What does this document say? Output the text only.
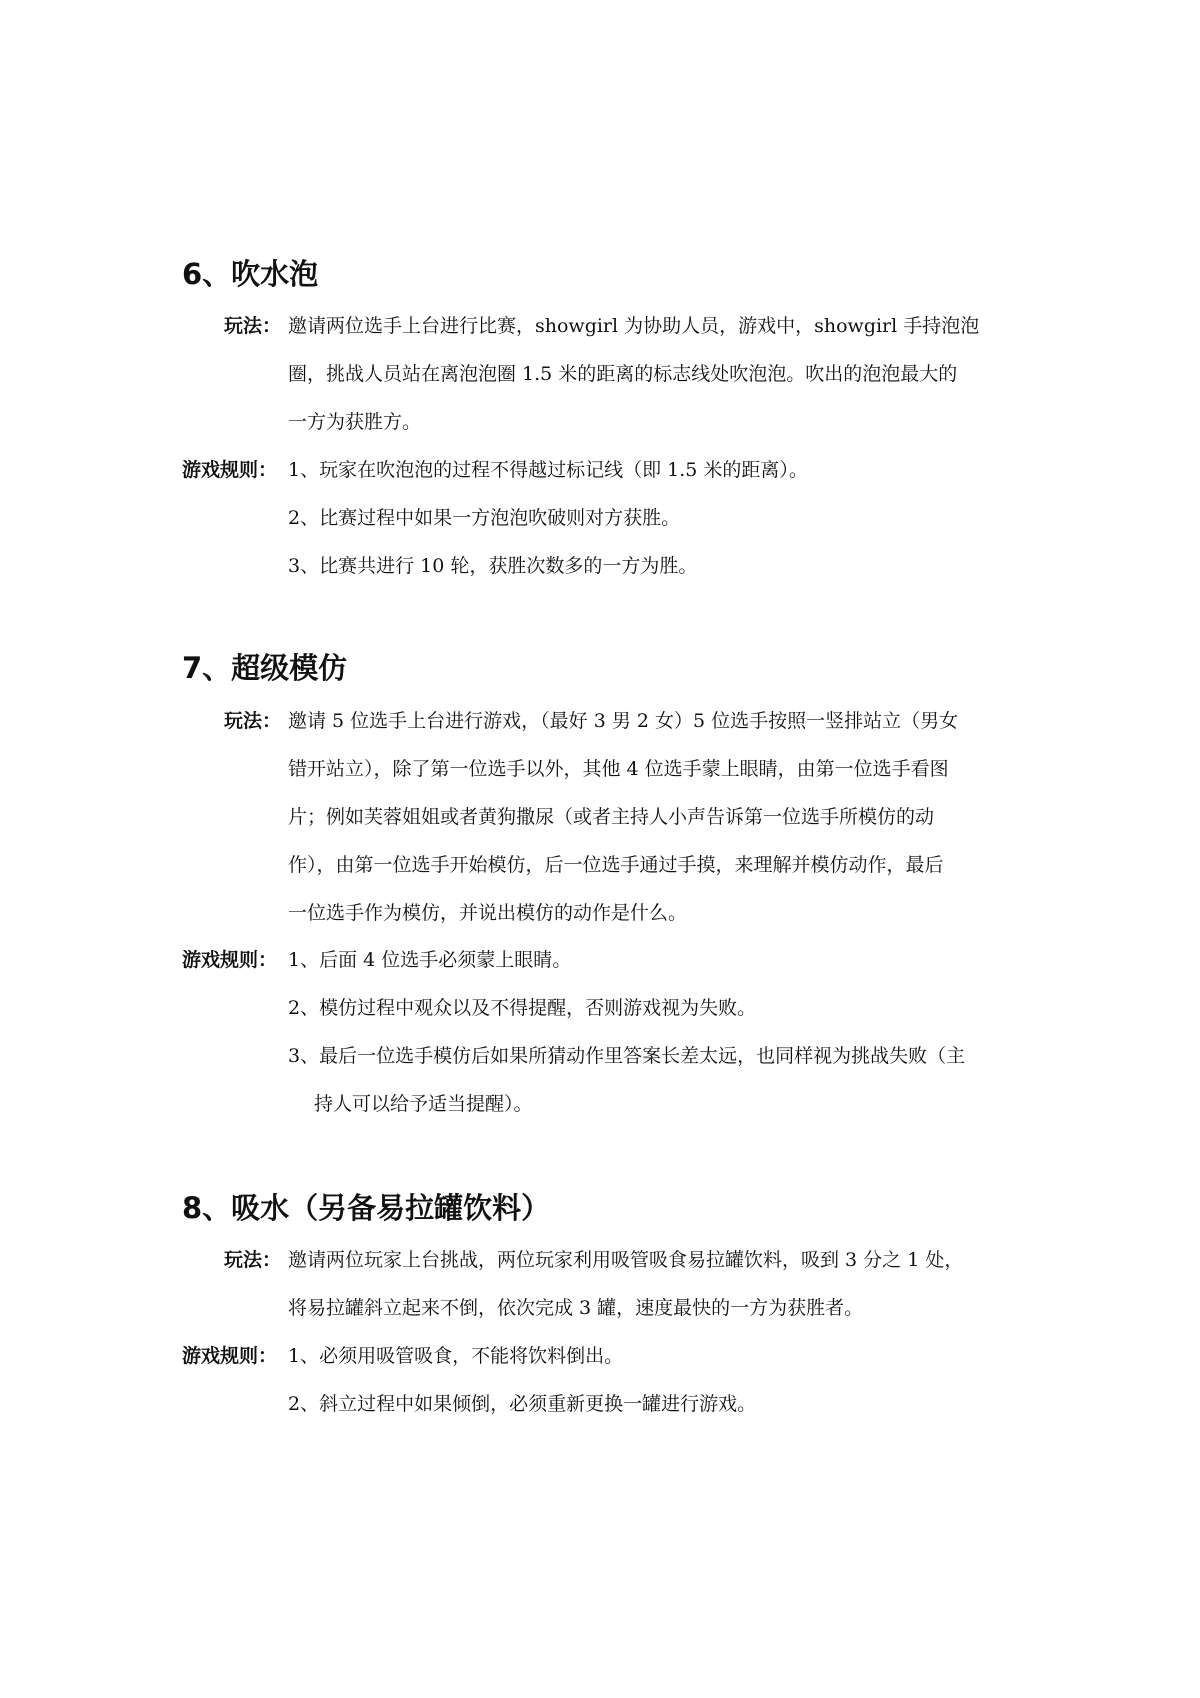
6、吹水泡
玩法： 邀请两位选手上台进行比赛，showgirl 为协助人员，游戏中，showgirl 手持泡泡
圈，挑战人员站在离泡泡圈 1.5 米的距离的标志线处吹泡泡。吹出的泡泡最大的
一方为获胜方。
游戏规则： 1、玩家在吹泡泡的过程不得越过标记线（即 1.5 米的距离）。
2、比赛过程中如果一方泡泡吹破则对方获胜。
3、比赛共进行 10 轮，获胜次数多的一方为胜。
7、超级模仿
玩法： 邀请 5 位选手上台进行游戏，（最好 3 男 2 女）5 位选手按照一竖排站立（男女
错开站立），除了第一位选手以外，其他 4 位选手蒙上眼睛，由第一位选手看图
片；例如芙蓉姐姐或者黄狗撒尿（或者主持人小声告诉第一位选手所模仿的动
作），由第一位选手开始模仿，后一位选手通过手摸，来理解并模仿动作，最后
一位选手作为模仿，并说出模仿的动作是什么。
游戏规则： 1、后面 4 位选手必须蒙上眼睛。
2、模仿过程中观众以及不得提醒，否则游戏视为失败。
3、最后一位选手模仿后如果所猜动作里答案长差太远，也同样视为挑战失败（主
持人可以给予适当提醒）。
8、吸水（另备易拉罐饮料）
玩法： 邀请两位玩家上台挑战，两位玩家利用吸管吸食易拉罐饮料，吸到 3 分之 1 处，
将易拉罐斜立起来不倒，依次完成 3 罐，速度最快的一方为获胜者。
游戏规则： 1、必须用吸管吸食，不能将饮料倒出。
2、斜立过程中如果倾倒，必须重新更换一罐进行游戏。
